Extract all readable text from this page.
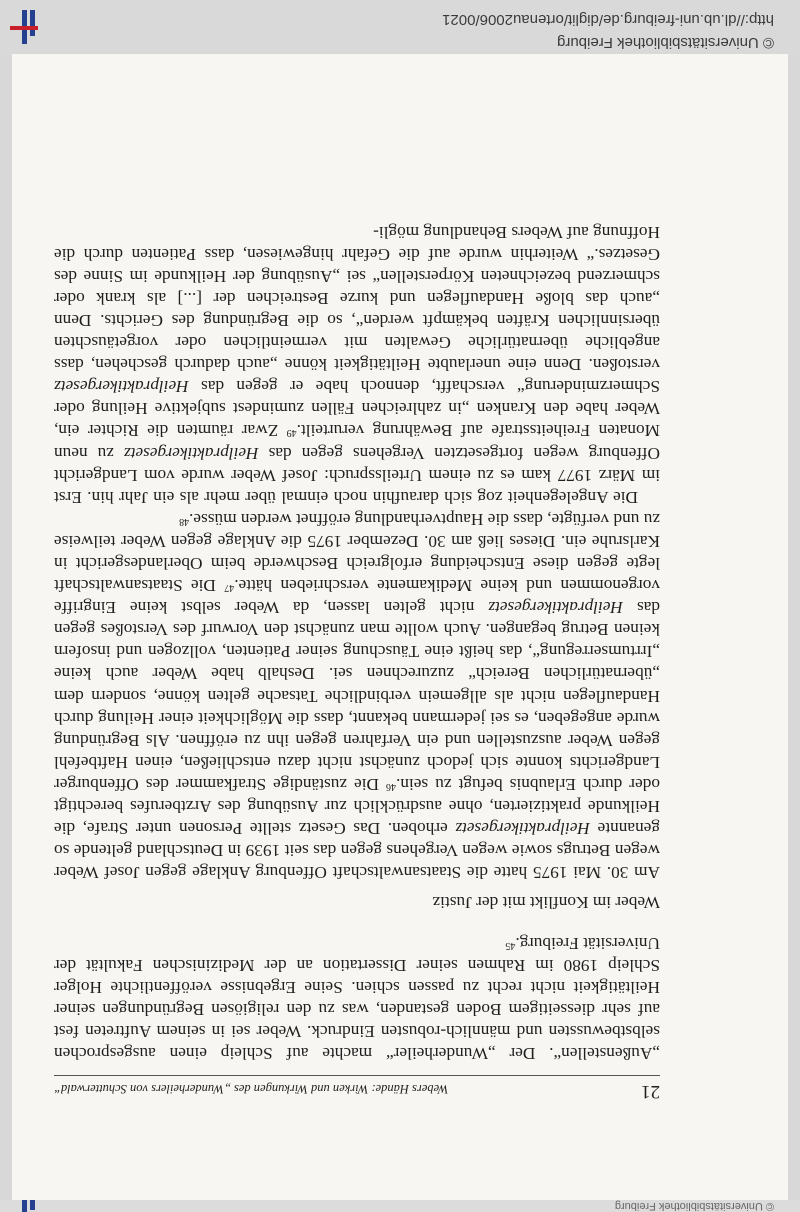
© Universitätsbibliothek Freiburg
21
Webers Hände: Wirken und Wirkungen des „Wunderheilers von Schutterwald“

„Außenstellen“. Der „Wunderheiler“ machte auf Schleip einen ausgesprochen selbstbewussten und männlich-robusten Eindruck. Weber sei in seinem Auftreten fest auf sehr diesseitigem Boden gestanden, was zu den religiösen Begründungen seiner Heiltätigkeit nicht recht zu passen schien. Seine Ergebnisse veröffentlichte Holger Schleip 1980 im Rahmen seiner Dissertation an der Medizinischen Fakultät der Universität Freiburg.$^{45}$

Weber im Konflikt mit der Justiz

Am 30. Mai 1975 hatte die Staatsanwaltschaft Offenburg Anklage gegen Josef Weber wegen Betrugs sowie wegen Vergehens gegen das seit 1939 in Deutschland geltende so genannte Heilpraktikergesetz erhoben. Das Gesetz stellte Personen unter Strafe, die Heilkunde praktizierten, ohne ausdrücklich zur Ausübung des Arztberufes berechtigt oder durch Erlaubnis befugt zu sein.$^{46}$ Die zuständige Strafkammer des Offenburger Landgerichts konnte sich jedoch zunächst nicht dazu entschließen, einen Haftbefehl gegen Weber auszustellen und ein Verfahren gegen ihn zu eröffnen. Als Begründung wurde angegeben, es sei jedermann bekannt, dass die Möglichkeit einer Heilung durch Handauflegen nicht als allgemein verbindliche Tatsache gelten könne, sondern dem „übernatürlichen Bereich“ zuzurechnen sei. Deshalb habe Weber auch keine „Irrtumserregung“, das heißt eine Täuschung seiner Patienten, vollzogen und insofern keinen Betrug begangen. Auch wollte man zunächst den Vorwurf des Verstoßes gegen das Heilpraktikergesetz nicht gelten lassen, da Weber selbst keine Eingriffe vorgenommen und keine Medikamente verschrieben hätte.$^{47}$ Die Staatsanwaltschaft legte gegen diese Entscheidung erfolgreich Beschwerde beim Oberlandesgericht in Karlsruhe ein. Dieses ließ am 30. Dezember 1975 die Anklage gegen Weber teilweise zu und verfügte, dass die Hauptverhandlung eröffnet werden müsse.$^{48}$

Die Angelegenheit zog sich daraufhin noch einmal über mehr als ein Jahr hin. Erst im März 1977 kam es zu einem Urteilsspruch: Josef Weber wurde vom Landgericht Offenburg wegen fortgesetzten Vergehens gegen das Heilpraktikergesetz zu neun Monaten Freiheitsstrafe auf Bewährung verurteilt.$^{49}$ Zwar räumten die Richter ein, Weber habe den Kranken „in zahlreichen Fällen zumindest subjektive Heilung oder Schmerzminderung“ verschafft, dennoch habe er gegen das Heilpraktikergesetz verstoßen. Denn eine unerlaubte Heiltätigkeit könne „auch dadurch geschehen, dass angebliche übernatürliche Gewalten mit vermeintlichen oder vorgetäuschten übersinnlichen Kräften bekämpft werden“, so die Begründung des Gerichts. Denn „auch das bloße Handauflegen und kurze Bestreichen der [...] als krank oder schmerzend bezeichneten Körperstellen“ sei „Ausübung der Heilkunde im Sinne des Gesetzes.“ Weiterhin wurde auf die Gefahr hingewiesen, dass Patienten durch die Hoffnung auf Webers Behandlung mögli-

© Universitätsbibliothek Freiburg
http://dl.ub.uni-freiburg.de/diglit/ortenau2006/0021
